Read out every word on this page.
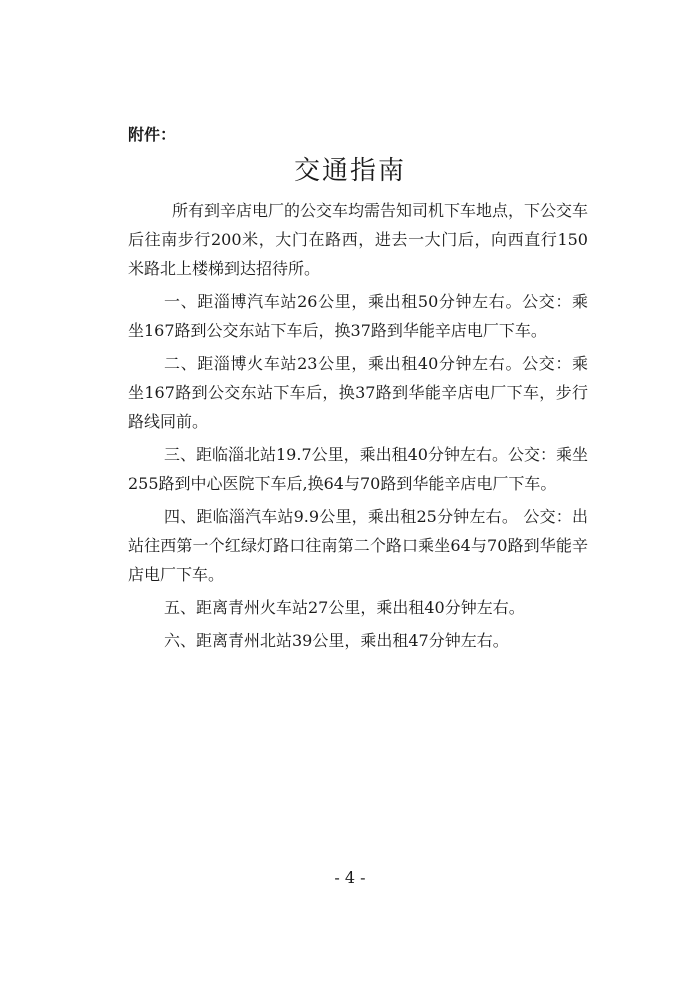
附件：
交通指南

所有到辛店电厂的公交车均需告知司机下车地点，下公交车后往南步行200米，大门在路西，进去一大门后，向西直行150米路北上楼梯到达招待所。

一、距淄博汽车站26公里，乘出租50分钟左右。公交：乘坐167路到公交东站下车后，换37路到华能辛店电厂下车。

二、距淄博火车站23公里，乘出租40分钟左右。公交：乘坐167路到公交东站下车后，换37路到华能辛店电厂下车，步行路线同前。

三、距临淄北站19.7公里，乘出租40分钟左右。公交：乘坐255路到中心医院下车后,换64与70路到华能辛店电厂下车。

四、距临淄汽车站9.9公里，乘出租25分钟左右。 公交：出站往西第一个红绿灯路口往南第二个路口乘坐64与70路到华能辛店电厂下车。

五、距离青州火车站27公里，乘出租40分钟左右。

六、距离青州北站39公里，乘出租47分钟左右。

- 4 -
